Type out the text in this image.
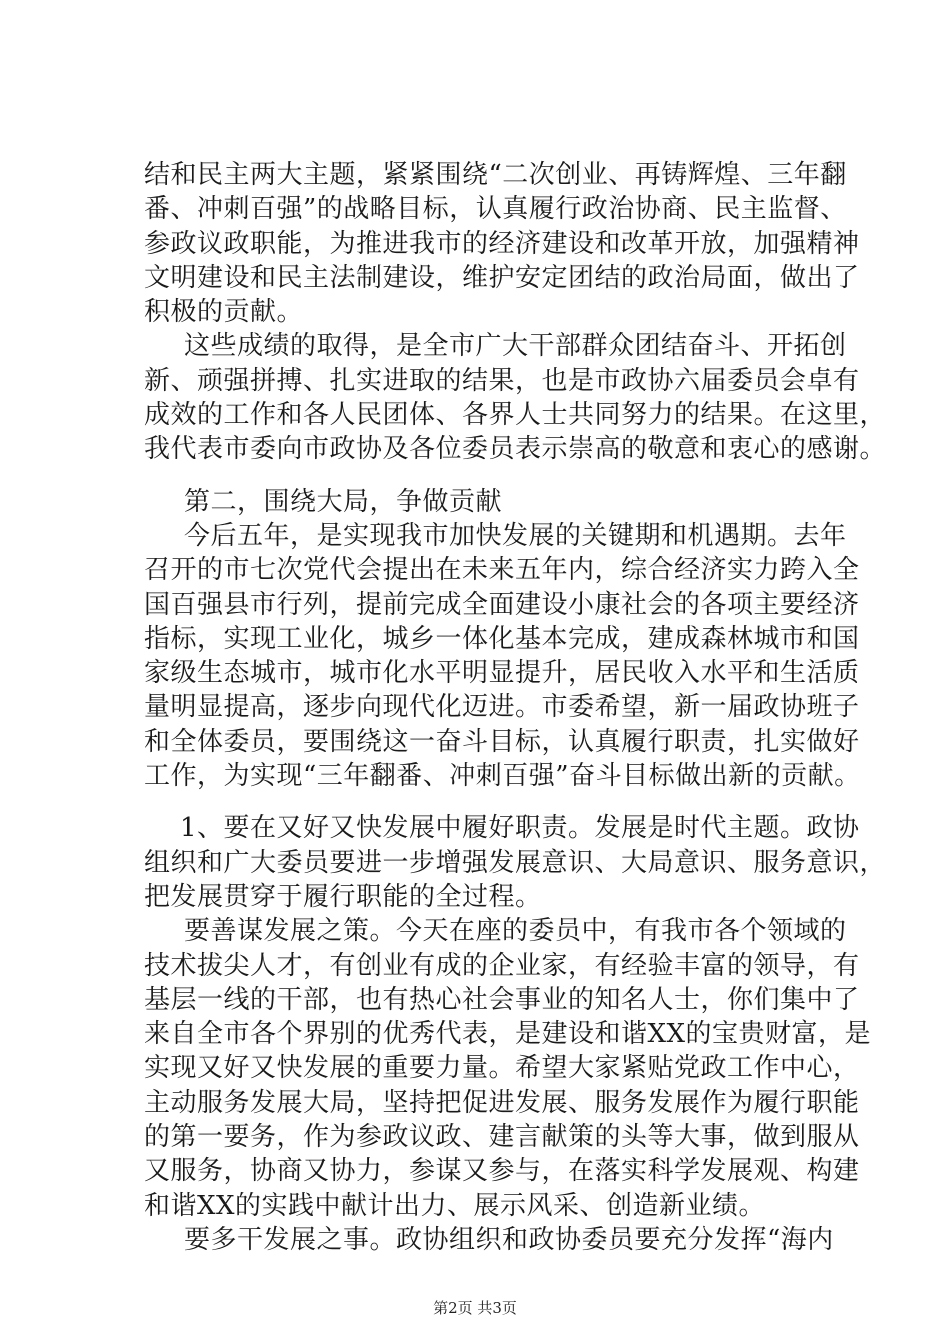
结和民主两大主题，紧紧围绕“二次创业、再铸辉煌、三年翻
番、冲刺百强”的战略目标，认真履行政治协商、民主监督、
参政议政职能，为推进我市的经济建设和改革开放，加强精神
文明建设和民主法制建设，维护安定团结的政治局面，做出了
积极的贡献。
这些成绩的取得，是全市广大干部群众团结奋斗、开拓创
新、顽强拼搏、扎实进取的结果，也是市政协六届委员会卓有
成效的工作和各人民团体、各界人士共同努力的结果。在这里，
我代表市委向市政协及各位委员表示崇高的敬意和衷心的感谢。
第二，围绕大局，争做贡献
今后五年，是实现我市加快发展的关键期和机遇期。去年
召开的市七次党代会提出在未来五年内，综合经济实力跨入全
国百强县市行列，提前完成全面建设小康社会的各项主要经济
指标，实现工业化，城乡一体化基本完成，建成森林城市和国
家级生态城市，城市化水平明显提升，居民收入水平和生活质
量明显提高，逐步向现代化迈进。市委希望，新一届政协班子
和全体委员，要围绕这一奋斗目标，认真履行职责，扎实做好
工作，为实现“三年翻番、冲刺百强”奋斗目标做出新的贡献。
1、要在又好又快发展中履好职责。发展是时代主题。政协
组织和广大委员要进一步增强发展意识、大局意识、服务意识，
把发展贯穿于履行职能的全过程。
要善谋发展之策。今天在座的委员中，有我市各个领域的
技术拔尖人才，有创业有成的企业家，有经验丰富的领导，有
基层一线的干部，也有热心社会事业的知名人士，你们集中了
来自全市各个界别的优秀代表，是建设和谐XX的宝贵财富，是
实现又好又快发展的重要力量。希望大家紧贴党政工作中心，
主动服务发展大局，坚持把促进发展、服务发展作为履行职能
的第一要务，作为参政议政、建言献策的头等大事，做到服从
又服务，协商又协力，参谋又参与，在落实科学发展观、构建
和谐XX的实践中献计出力、展示风采、创造新业绩。
要多干发展之事。政协组织和政协委员要充分发挥“海内
第2页 共3页
